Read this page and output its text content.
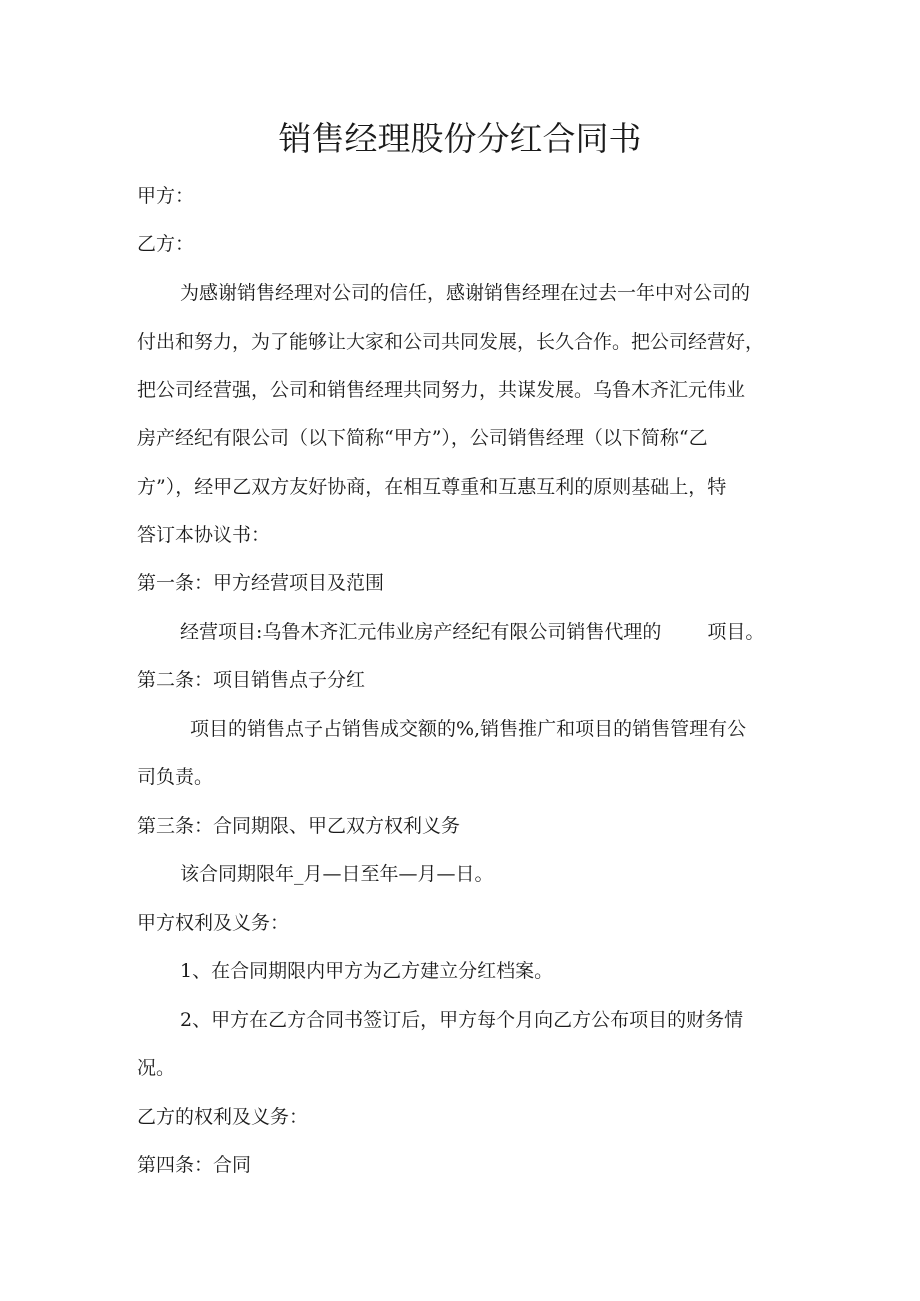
销售经理股份分红合同书

甲方：

乙方：

为感谢销售经理对公司的信任，感谢销售经理在过去一年中对公司的

付出和努力，为了能够让大家和公司共同发展，长久合作。把公司经营好，

把公司经营强，公司和销售经理共同努力，共谋发展。乌鲁木齐汇元伟业

房产经纪有限公司（以下简称“甲方”），公司销售经理（以下简称“乙

方”），经甲乙双方友好协商，在相互尊重和互惠互利的原则基础上，特

答订本协议书：

第一条：甲方经营项目及范围

经营项目:乌鲁木齐汇元伟业房产经纪有限公司销售代理的 项目。

第二条：项目销售点子分红

项目的销售点子占销售成交额的%,销售推广和项目的销售管理有公

司负责。

第三条：合同期限、甲乙双方权利义务

该合同期限年_月—日至年—月—日。

甲方权利及义务：

1、在合同期限内甲方为乙方建立分红档案。

2、甲方在乙方合同书签订后，甲方每个月向乙方公布项目的财务情

况。

乙方的权利及义务：

第四条：合同
